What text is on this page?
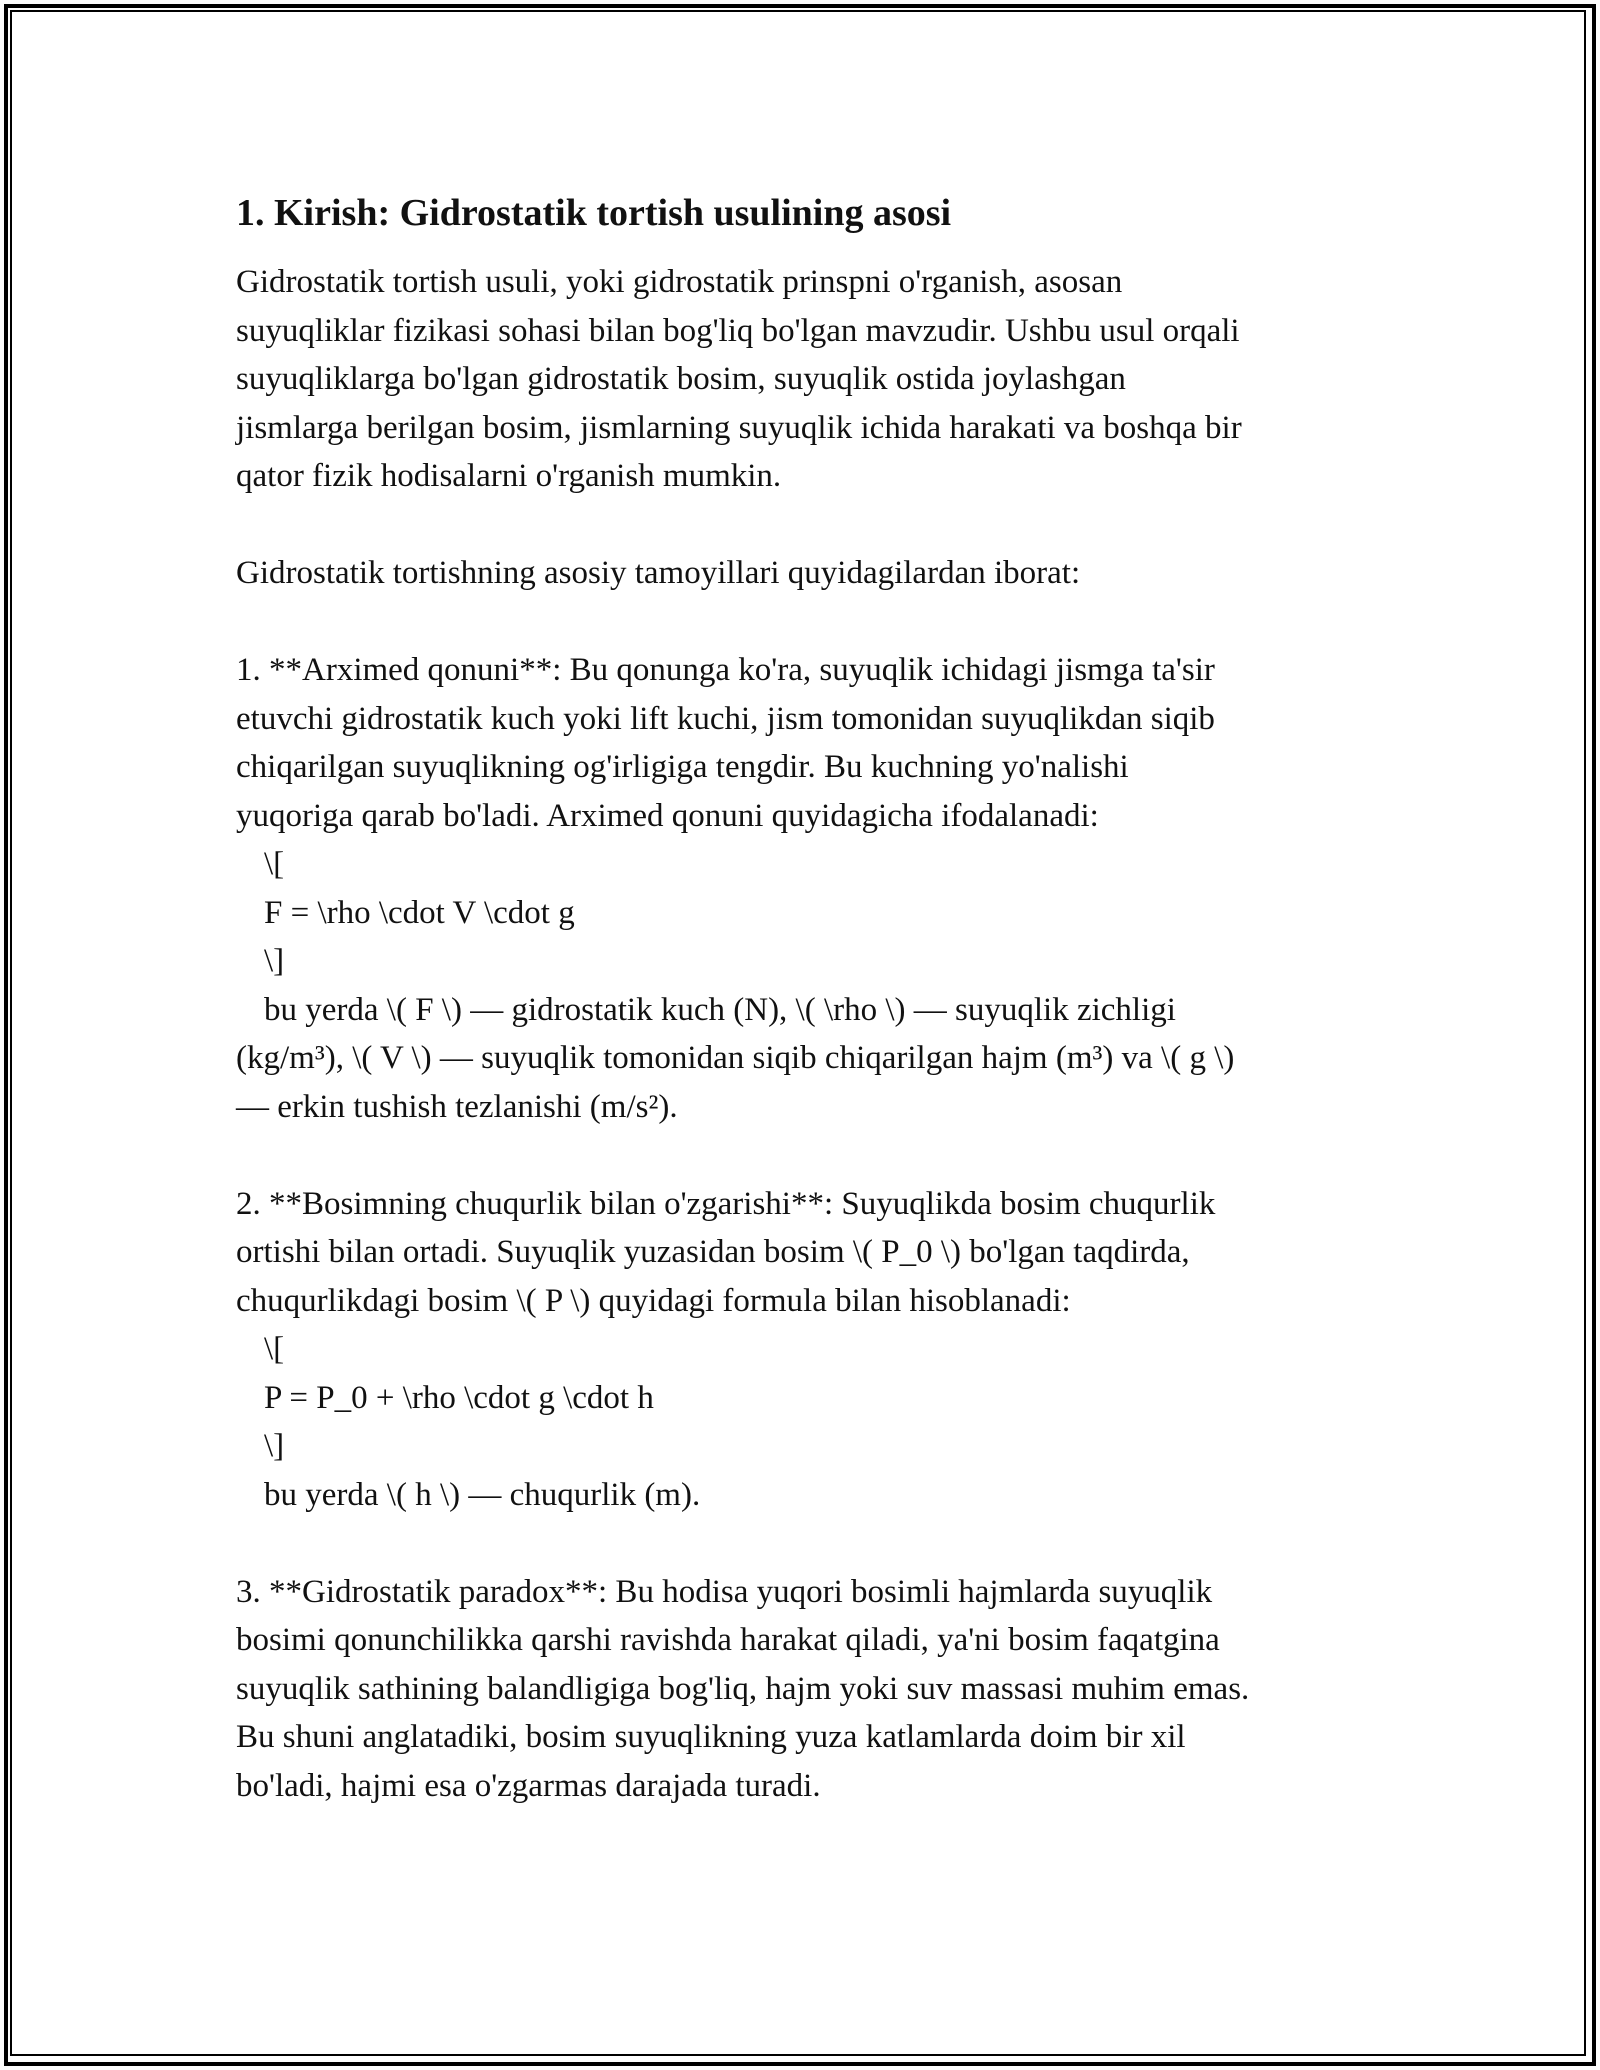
1. Kirish: Gidrostatik tortish usulining asosi
Gidrostatik tortish usuli, yoki gidrostatik prinspni o'rganish, asosan
suyuqliklar fizikasi sohasi bilan bog'liq bo'lgan mavzudir. Ushbu usul orqali
suyuqliklarga bo'lgan gidrostatik bosim, suyuqlik ostida joylashgan
jismlarga berilgan bosim, jismlarning suyuqlik ichida harakati va boshqa bir
qator fizik hodisalarni o'rganish mumkin.
Gidrostatik tortishning asosiy tamoyillari quyidagilardan iborat:
1. **Arximed qonuni**: Bu qonunga ko'ra, suyuqlik ichidagi jismga ta'sir
etuvchi gidrostatik kuch yoki lift kuchi, jism tomonidan suyuqlikdan siqib
chiqarilgan suyuqlikning og'irligiga tengdir. Bu kuchning yo'nalishi
yuqoriga qarab bo'ladi. Arximed qonuni quyidagicha ifodalanadi:
\[
F = \rho \cdot V \cdot g
\]
bu yerda \( F \) — gidrostatik kuch (N), \( \rho \) — suyuqlik zichligi
(kg/m³), \( V \) — suyuqlik tomonidan siqib chiqarilgan hajm (m³) va \( g \)
— erkin tushish tezlanishi (m/s²).
2. **Bosimning chuqurlik bilan o'zgarishi**: Suyuqlikda bosim chuqurlik
ortishi bilan ortadi. Suyuqlik yuzasidan bosim \( P_0 \) bo'lgan taqdirda,
chuqurlikdagi bosim \( P \) quyidagi formula bilan hisoblanadi:
\[
P = P_0 + \rho \cdot g \cdot h
\]
bu yerda \( h \) — chuqurlik (m).
3. **Gidrostatik paradox**: Bu hodisa yuqori bosimli hajmlarda suyuqlik
bosimi qonunchilikka qarshi ravishda harakat qiladi, ya'ni bosim faqatgina
suyuqlik sathining balandligiga bog'liq, hajm yoki suv massasi muhim emas.
Bu shuni anglatadiki, bosim suyuqlikning yuza katlamlarda doim bir xil
bo'ladi, hajmi esa o'zgarmas darajada turadi.
